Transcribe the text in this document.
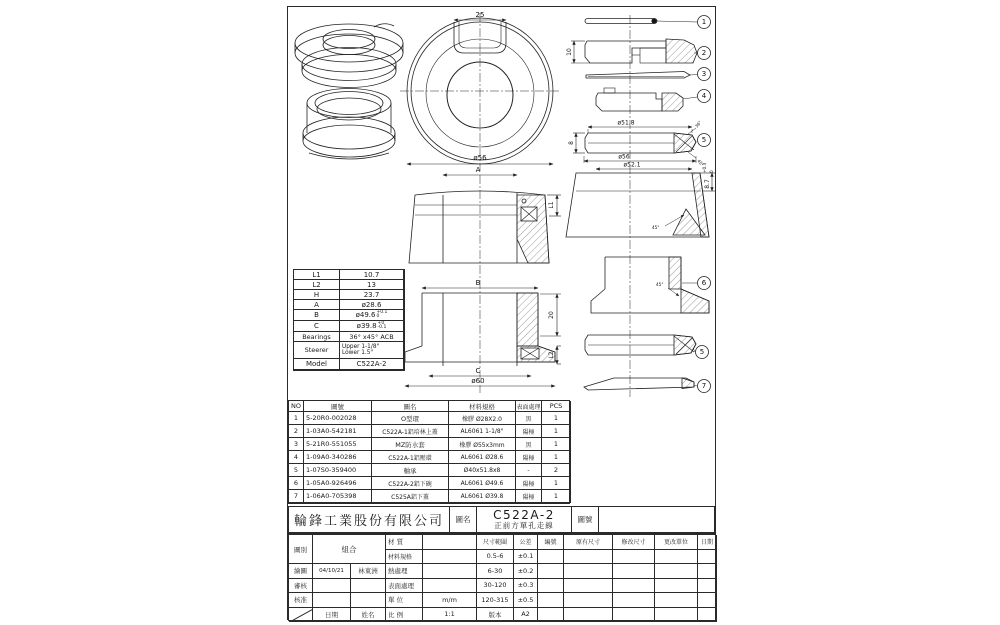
25
ø56
A
L1
B
20
L2
C
ø60
10
ø51.8
8
36°
45°
ø56
ø52.1
45°
8.7
+0.3 0
45°
1
2
3
4
5
6
5
7
L1	10.7
L2	13
H	23.7
A	ø28.6
B	ø49.6 +0.1
0
C	ø39.8 +0
-0.1
Bearings	36° x45° ACB
Steerer	Upper 1-1/8"
Lower 1.5"
Model	C522A-2
NO	圖號	圖名	材料規格	表面處理	PCS
1	5-20R0-002028	O型環	橡膠 Ø28X2.0	黑	1
2	1-03A0-542181	C522A-1鋁培林上蓋	AL6061 1-1/8"	陽極	1
3	5-21R0-551055	MZ防水套	橡膠 Ø55x3mm	黑	1
4	1-09A0-340286	C522A-1鋁壓環	AL6061 Ø28.6	陽極	1
5	1-07S0-359400	軸承	Ø40x51.8x8	-	2
6	1-05A0-926496	C522A-2鋁下碗	AL6061 Ø49.6	陽極	1
7	1-06A0-705398	C525A鋁下蓋	AL6061 Ø39.8	陽極	1
輪鋒工業股份有限公司	圖名	C522A-2
正前方單孔走線
圖號
圖別	組合
材 質	尺寸範圍	公差	編號	原有尺寸	修改尺寸	更改單位	日期
材料規格	0.5-6	±0.1
繪圖	04/10/21	林東洲	熱處理	6-30	±0.2
審核	表面處理	30-120	±0.3
核准	單 位	m/m	120-315	±0.5
日期	姓名	比 例	1:1	版本	A2
